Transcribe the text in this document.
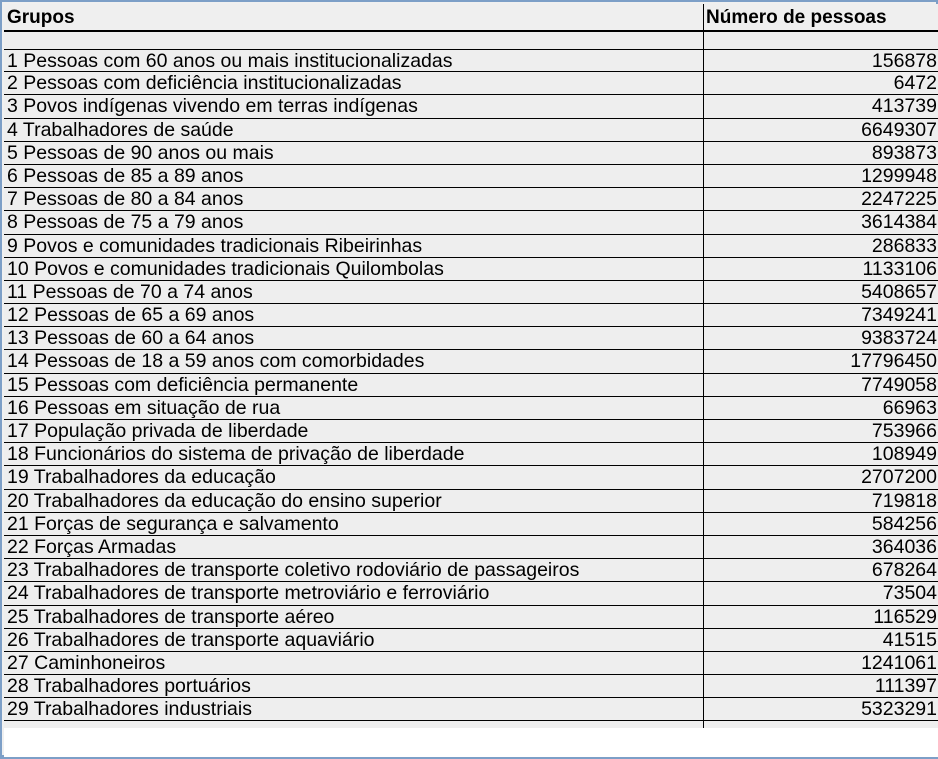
Grupos	Número de pessoas
1 Pessoas com 60 anos ou mais institucionalizadas	156878
2 Pessoas com deficiência institucionalizadas	6472
3 Povos indígenas vivendo em terras indígenas	413739
4 Trabalhadores de saúde	6649307
5 Pessoas de 90 anos ou mais	893873
6 Pessoas de 85 a 89 anos	1299948
7 Pessoas de 80 a 84 anos	2247225
8 Pessoas de 75 a 79 anos	3614384
9 Povos e comunidades tradicionais Ribeirinhas	286833
10 Povos e comunidades tradicionais Quilombolas	1133106
11 Pessoas de 70 a 74 anos	5408657
12 Pessoas de 65 a 69 anos	7349241
13 Pessoas de 60 a 64 anos	9383724
14 Pessoas de 18 a 59 anos com comorbidades	17796450
15 Pessoas com deficiência permanente	7749058
16 Pessoas em situação de rua	66963
17 População privada de liberdade	753966
18 Funcionários do sistema de privação de liberdade	108949
19 Trabalhadores da educação	2707200
20 Trabalhadores da educação do ensino superior	719818
21 Forças de segurança e salvamento	584256
22 Forças Armadas	364036
23 Trabalhadores de transporte coletivo rodoviário de passageiros	678264
24 Trabalhadores de transporte metroviário e ferroviário	73504
25 Trabalhadores de transporte aéreo	116529
26 Trabalhadores de transporte aquaviário	41515
27 Caminhoneiros	1241061
28 Trabalhadores portuários	111397
29 Trabalhadores industriais	5323291
